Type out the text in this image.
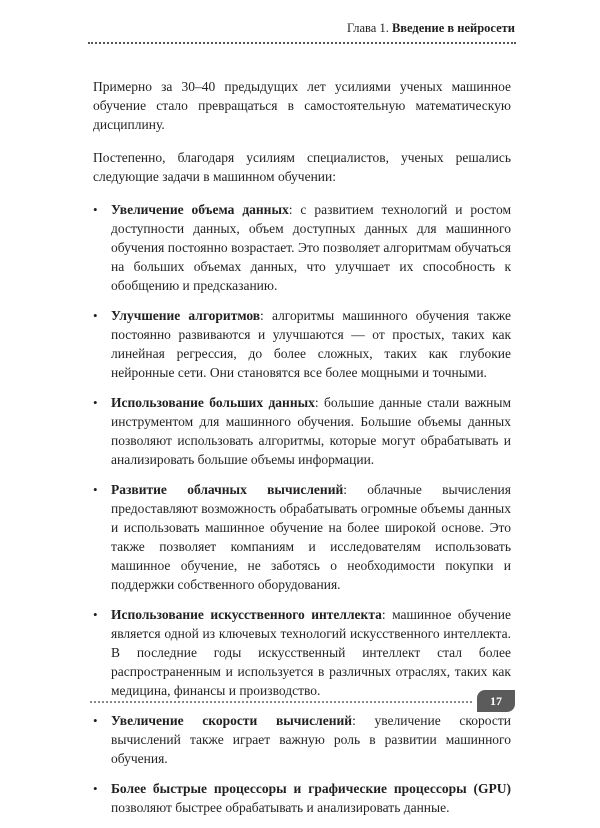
Глава 1. Введение в нейросети

Примерно за 30–40 предыдущих лет усилиями ученых машинное обучение стало превращаться в самостоятельную математическую дисциплину.

Постепенно, благодаря усилиям специалистов, ученых решались следующие задачи в машинном обучении:

• Увеличение объема данных: с развитием технологий и ростом доступности данных, объем доступных данных для машинного обучения постоянно возрастает. Это позволяет алгоритмам обучаться на больших объемах данных, что улучшает их способность к обобщению и предсказанию.
• Улучшение алгоритмов: алгоритмы машинного обучения также постоянно развиваются и улучшаются — от простых, таких как линейная регрессия, до более сложных, таких как глубокие нейронные сети. Они становятся все более мощными и точными.
• Использование больших данных: большие данные стали важным инструментом для машинного обучения. Большие объемы данных позволяют использовать алгоритмы, которые могут обрабатывать и анализировать большие объемы информации.
• Развитие облачных вычислений: облачные вычисления предоставляют возможность обрабатывать огромные объемы данных и использовать машинное обучение на более широкой основе. Это также позволяет компаниям и исследователям использовать машинное обучение, не заботясь о необходимости покупки и поддержки собственного оборудования.
• Использование искусственного интеллекта: машинное обучение является одной из ключевых технологий искусственного интеллекта. В последние годы искусственный интеллект стал более распространенным и используется в различных отраслях, таких как медицина, финансы и производство.
• Увеличение скорости вычислений: увеличение скорости вычислений также играет важную роль в развитии машинного обучения.
• Более быстрые процессоры и графические процессоры (GPU) позволяют быстрее обрабатывать и анализировать данные.
17
